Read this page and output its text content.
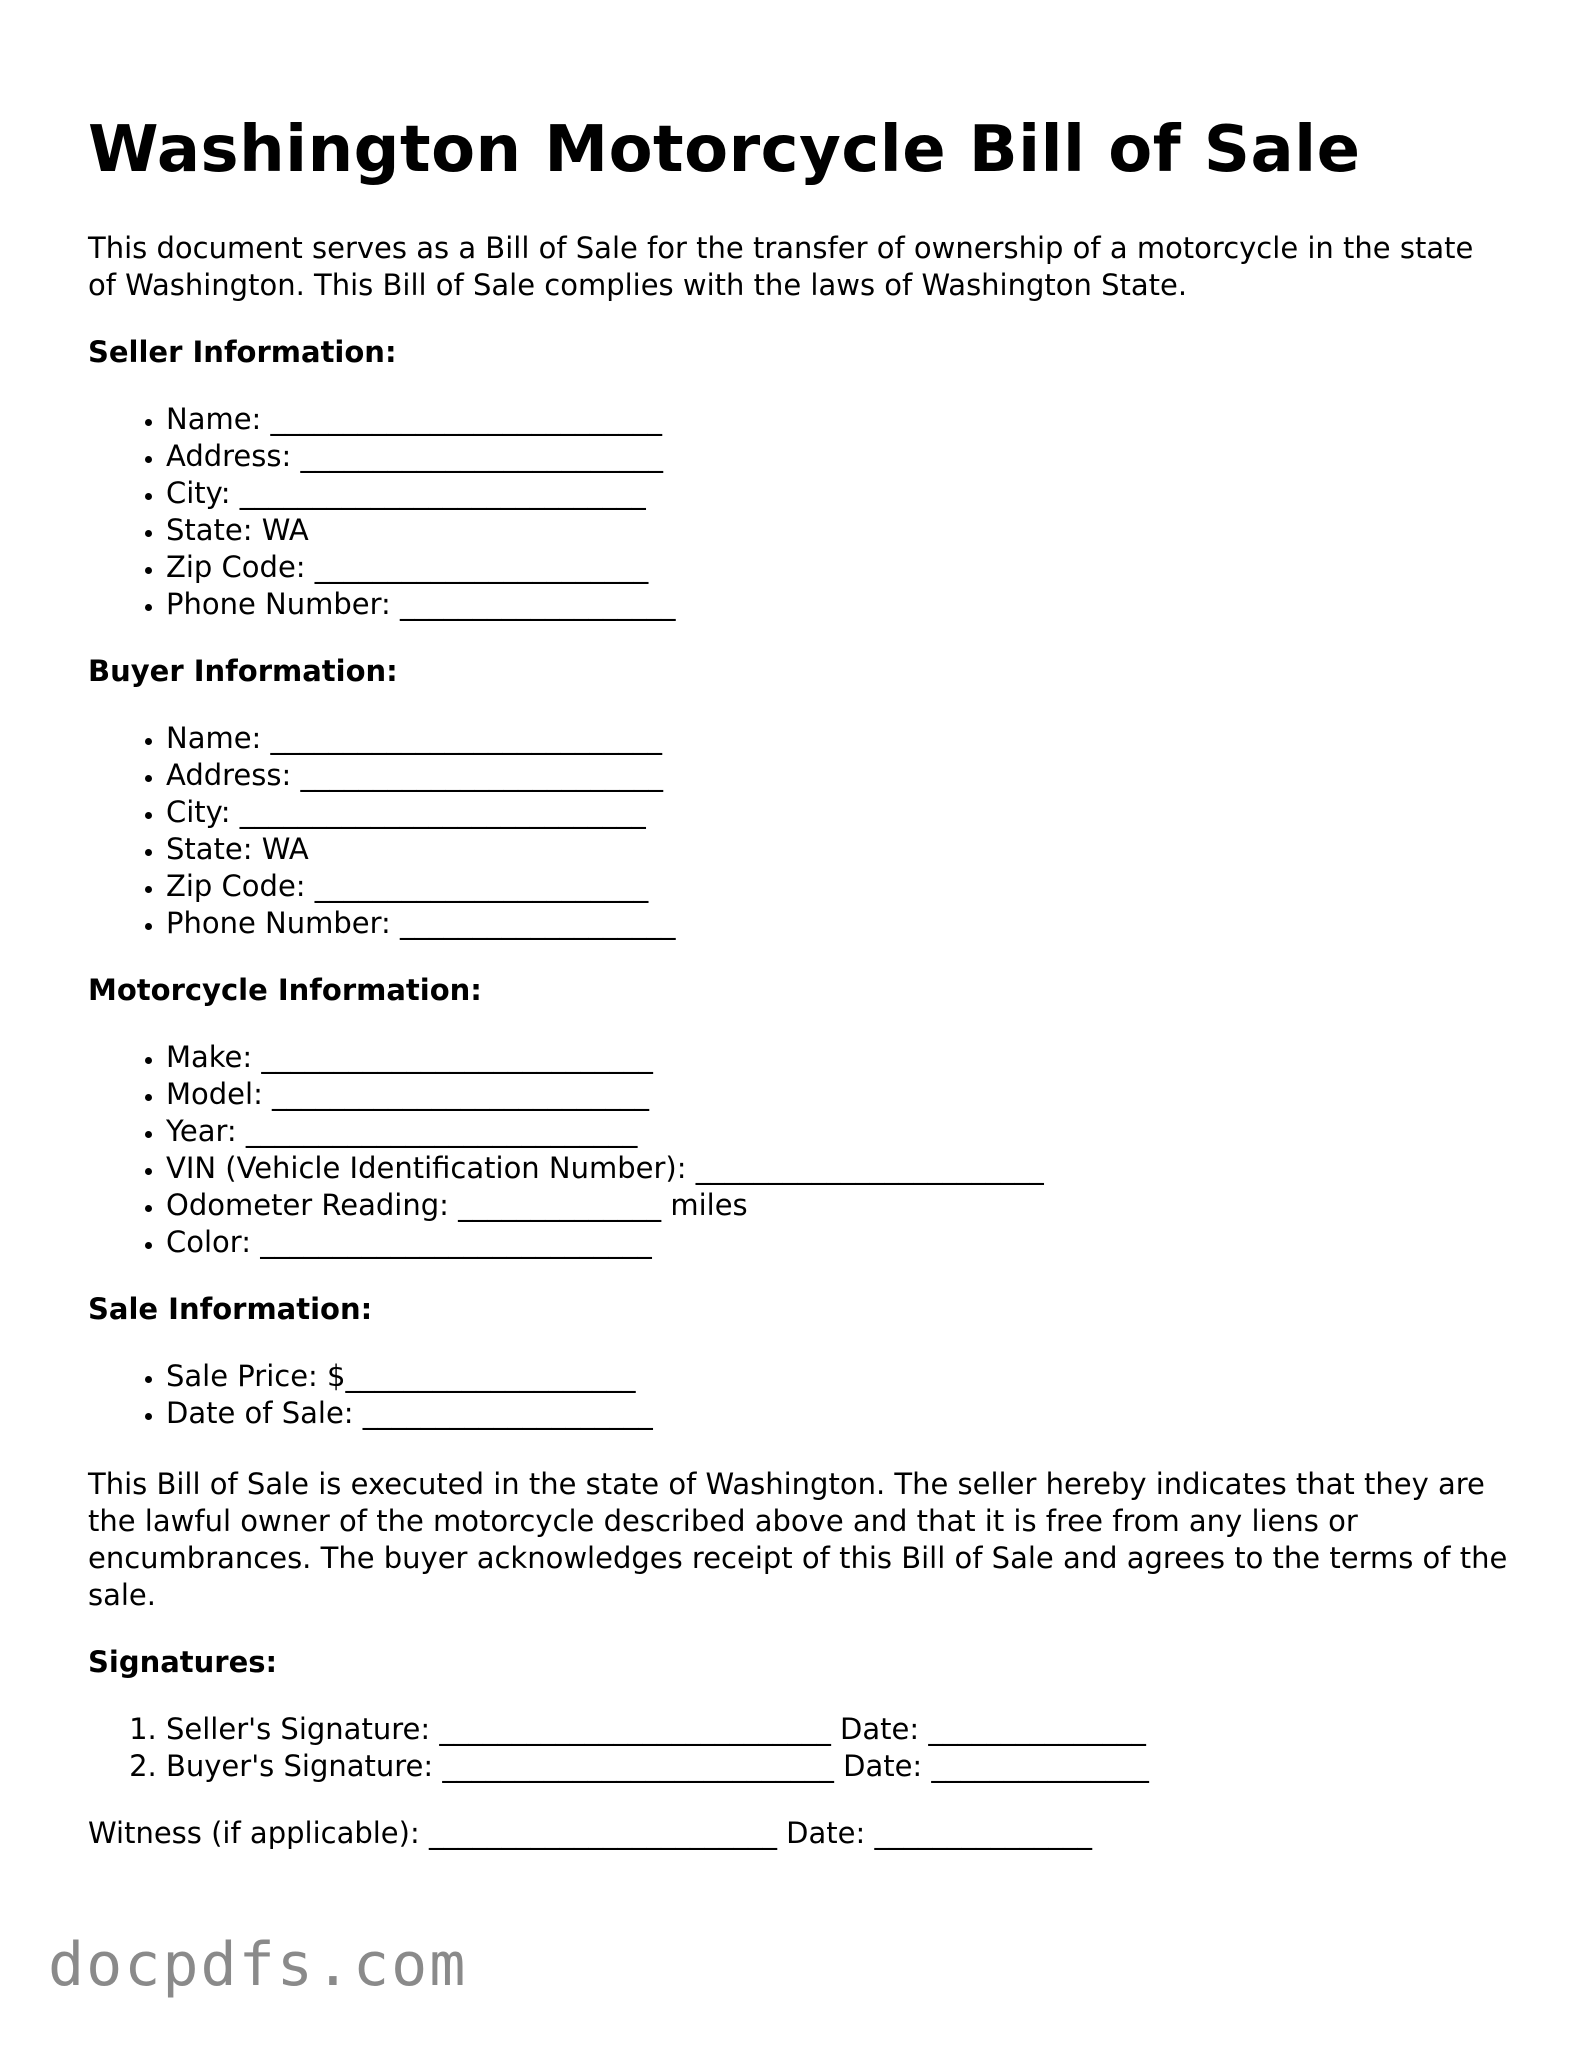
Washington Motorcycle Bill of Sale

This document serves as a Bill of Sale for the transfer of ownership of a motorcycle in the state of Washington. This Bill of Sale complies with the laws of Washington State.

Seller Information:
• Name: ___________________________
• Address: _________________________
• City: ____________________________
• State: WA
• Zip Code: _______________________
• Phone Number: ___________________
Buyer Information:
• Name: ___________________________
• Address: _________________________
• City: ____________________________
• State: WA
• Zip Code: _______________________
• Phone Number: ___________________
Motorcycle Information:
• Make: ___________________________
• Model: __________________________
• Year: ___________________________
• VIN (Vehicle Identification Number): ________________________
• Odometer Reading: ______________ miles
• Color: ___________________________
Sale Information:
• Sale Price: $____________________
• Date of Sale: ____________________

This Bill of Sale is executed in the state of Washington. The seller hereby indicates that they are the lawful owner of the motorcycle described above and that it is free from any liens or encumbrances. The buyer acknowledges receipt of this Bill of Sale and agrees to the terms of the sale.

Signatures:
1. Seller's Signature: ___________________________ Date: _______________
2. Buyer's Signature: ___________________________ Date: _______________

Witness (if applicable): ________________________ Date: _______________

docpdfs.com
